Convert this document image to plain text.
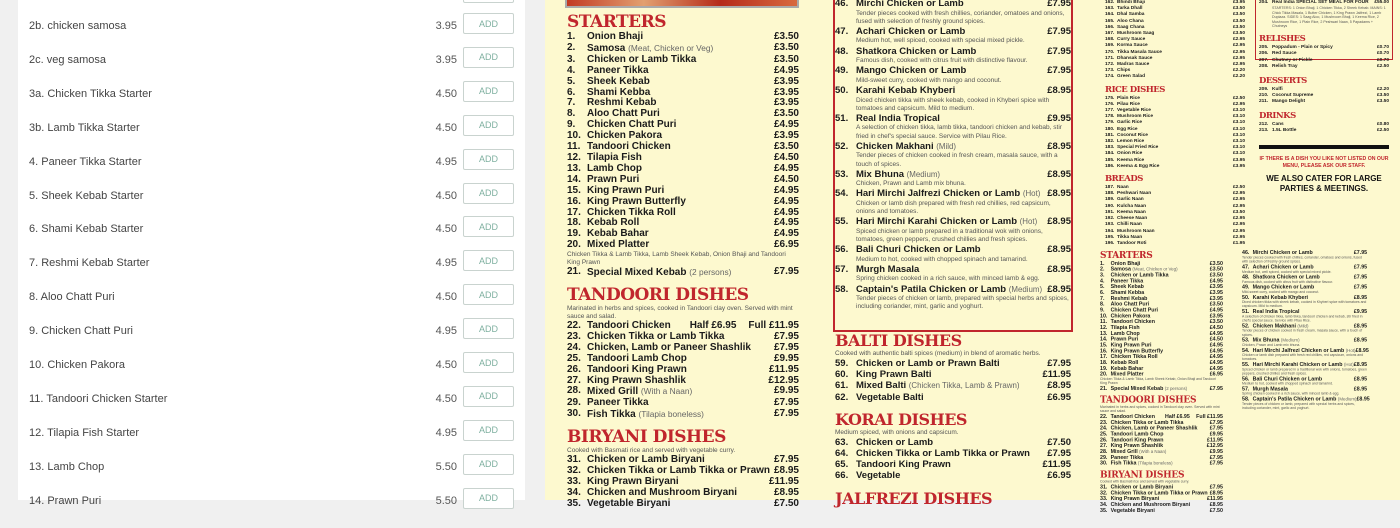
2b. chicken samosa	3.95	ADD
2c. veg samosa	3.95	ADD
3a. Chicken Tikka Starter	4.50	ADD
3b. Lamb Tikka Starter	4.50	ADD
4. Paneer Tikka Starter	4.95	ADD
5. Sheek Kebab Starter	4.50	ADD
6. Shami Kebab Starter	4.50	ADD
7. Reshmi Kebab Starter	4.95	ADD
8. Aloo Chatt Puri	4.50	ADD
9. Chicken Chatt Puri	4.95	ADD
10. Chicken Pakora	4.50	ADD
11. Tandoori Chicken Starter	4.50	ADD
12. Tilapia Fish Starter	4.95	ADD
13. Lamb Chop	5.50	ADD
14. Prawn Puri	5.50	ADD
STARTERS
1.	Onion Bhaji	£3.50
2.	Samosa (Meat, Chicken or Veg)	£3.50
3.	Chicken or Lamb Tikka	£3.50
4.	Paneer Tikka	£4.95
5.	Sheek Kebab	£3.95
6.	Shami Kebba	£3.95
7.	Reshmi Kebab	£3.95
8.	Aloo Chatt Puri	£3.50
9.	Chicken Chatt Puri	£4.95
10. Chicken Pakora	£3.95
11. Tandoori Chicken	£3.50
12. Tilapia Fish	£4.50
13. Lamb Chop	£4.95
14. Prawn Puri	£4.50
15. King Prawn Puri	£4.95
16. King Prawn Butterfly	£4.95
17. Chicken Tikka Roll	£4.95
18. Kebab Roll	£4.95
19. Kebab Bahar	£4.95
20. Mixed Platter	£6.95
Chicken Tikka & Lamb Tikka, Lamb Sheek Kebab, Onion Bhaji and Tandoori King Prawn
21. Special Mixed Kebab (2 persons)	£7.95
TANDOORI DISHES
Marinated in herbs and spices, cooked in Tandoori clay oven. Served with mint sauce and salad.
22. Tandoori Chicken	Half £6.95 Full £11.95
23. Chicken Tikka or Lamb Tikka	£7.95
24. Chicken, Lamb or Paneer Shashlik	£7.95
25. Tandoori Lamb Chop	£9.95
26. Tandoori King Prawn	£11.95
27. King Prawn Shashlik	£12.95
28. Mixed Grill (With a Naan)	£9.95
29. Paneer Tikka	£7.95
30. Fish Tikka (Tilapia boneless)	£7.95
BIRYANI DISHES
Cooked with Basmati rice and served with vegetable curry.
31. Chicken or Lamb Biryani	£7.95
32. Chicken Tikka or Lamb Tikka or Prawn £8.95
33. King Prawn Biryani	£11.95
34. Chicken and Mushroom Biryani	£8.95
35. Vegetable Biryani	£7.50
46. Mirchi Chicken or Lamb	£7.95
Tender pieces cooked with fresh chillies, coriander, omatoes and onions, fused with selection of freshly ground spices.
47. Achari Chicken or Lamb	£7.95
Medium hot, well spiced, cooked with special mixed pickle.
48. Shatkora Chicken or Lamb	£7.95
Famous dish, cooked with citrus fruit with distinctive flavour.
49. Mango Chicken or Lamb	£7.95
Mild-sweet curry, cooked with mango and coconut.
50. Karahi Kebab Khyberi	£8.95
Diced chicken tikka with sheek kebab, cooked in Khyberi spice with tomatoes and capsicum. Mild to medium.
51. Real India Tropical	£9.95
A selection of chicken tikka, lamb tikka, tandoori chicken and kebab, stir fried in chef's special sauce. Service with Pilau Rice.
52. Chicken Makhani (Mild)	£8.95
Tender pieces of chicken cooked in fresh cream, masala sauce, with a touch of spices.
53. Mix Bhuna (Medium)	£8.95
Chicken, Prawn and Lamb mix bhuna.
54. Hari Mirchi Jalfrezi Chicken or Lamb (Hot) £8.95
Chicken or lamb dish prepared with fresh red chillies, red capsicum, onions and tomatoes.
55. Hari Mirchi Karahi Chicken or Lamb (Hot)	£8.95
Spiced chicken or lamb prepared in a traditional wok with onions, tomatoes, green peppers, crushed chillies and fresh spices.
56. Bali Churi Chicken or Lamb	£8.95
Medium to hot, cooked with chopped spinach and tamarind.
57. Murgh Masala	£8.95
Spring chicken cooked in a rich sauce, with minced lamb & egg.
58. Captain's Patila Chicken or Lamb (Medium) £8.95
Tender pieces of chicken or lamb, prepared with special herbs and spices, including coriander, mint, garlic and yoghurt.
BALTI DISHES
Cooked with authentic balti spices (medium) in blend of aromatic herbs.
59. Chicken or Lamb or Prawn Balti	£7.95
60. King Prawn Balti	£11.95
61. Mixed Balti (Chicken Tikka, Lamb & Prawn)	£8.95
62. Vegetable Balti	£6.95
KORAI DISHES
Medium spiced, with onions and capsicum.
63. Chicken or Lamb	£7.50
64. Chicken Tikka or Lamb Tikka or Prawn	£7.95
65. Tandoori King Prawn	£11.95
66. Vegetable	£6.95
JALFREZI DISHES
162. Bhindi Bhaji	£3.95
163. Tarka Dhall	£3.50
164. Dhal Samba	£3.50
165. Aloo Chana	£3.50
166. Saag Chana	£3.50
167. Mushroom Saag	£3.50
168. Curry Sauce	£2.95
169. Korma Sauce	£2.95
170. Tikka Masala Sauce	£2.95
171. Dhansak Sauce	£2.95
172. Madras Sauce	£2.95
173. Chips	£2.20
174. Green Salad	£2.20
RICE DISHES
175. Plain Rice	£2.50
176. Pilau Rice	£2.95
177. Vegetable Rice	£3.10
178. Mushroom Rice	£3.10
179. Garlic Rice	£3.10
180. Egg Rice	£3.10
181. Coconut Rice	£3.10
182. Lemon Rice	£3.10
183. Special Fried Rice	£3.10
184. Onion Rice	£3.10
185. Keema Rice	£3.95
186. Keema & Egg Rice	£3.95
BREADS
187. Naan	£2.50
188. Peshwari Naan	£2.95
189. Garlic Naan	£2.95
190. Kulcha Naan	£2.95
191. Keema Naan	£3.50
192. Cheese Naan	£2.95
193. Chilli Naan	£2.95
194. Mushroom Naan	£2.95
195. Tikka Naan	£2.95
196. Tandoor Roti	£1.95
204. Real India SPECIAL SET MEAL FOR FOUR	£55.00
STARTERS: 1 Onion Bhaji, 1 Chicken Tikka, 2 Sheek Kebab. MAINS: 1 Chick Tikka Masala, 1 Butter Chicken, 1 King Prawn Jalfrezi, 1 Lamb Dupiaza. SIDES: 1 Saag Aloo, 1 Mushroom Bhaji, 1 Keema Rice, 2 Mushroom Rice, 1 Plain Rice, 2 Peshwari Naan, 5 Papadams + Chutneys
RELISHES
205. Poppadum - Plain or Spicy	£0.70
206. Red Sauce	£0.70
207. Chutney or Pickle	£0.70
208. Relish Tray	£2.50
DESSERTS
209. Kulfi	£2.20
210. Coconut Supreme	£3.50
211. Mango Delight	£3.50
DRINKS
212. Cans	£0.80
213. 1.5L Bottle	£2.50
IF THERE IS A DISH YOU LIKE NOT LISTED ON OUR MENU, PLEASE ASK OUR STAFF.
WE ALSO CATER FOR LARGE PARTIES & MEETINGS.
STARTERS
1. Onion Bhaji	£3.50
2. Samosa (Meat, Chicken or Veg)	£3.50
3. Chicken or Lamb Tikka	£3.50
4. Paneer Tikka	£4.95
5. Sheek Kebab	£3.95
6. Shami Kebba	£3.95
7. Reshmi Kebab	£3.95
8. Aloo Chatt Puri	£3.50
9. Chicken Chatt Puri	£4.95
10. Chicken Pakora	£3.95
11. Tandoori Chicken	£3.50
12. Tilapia Fish	£4.50
13. Lamb Chop	£4.95
14. Prawn Puri	£4.50
15. King Prawn Puri	£4.95
16. King Prawn Butterfly	£4.95
17. Chicken Tikka Roll	£4.95
18. Kebab Roll	£4.95
19. Kebab Bahar	£4.95
20. Mixed Platter	£6.95
Chicken Tikka & Lamb Tikka, Lamb Sheek Kebab, Onion Bhaji and Tandoori King Prawn
21. Special Mixed Kebab (2 persons)	£7.95
TANDOORI DISHES
Marinated in herbs and spices, cooked in Tandoori clay oven. Served with mint sauce and salad.
22. Tandoori Chicken	Half £6.95 Full £11.95
23. Chicken Tikka or Lamb Tikka	£7.95
24. Chicken, Lamb or Paneer Shashlik	£7.95
25. Tandoori Lamb Chop	£9.95
26. Tandoori King Prawn	£11.95
27. King Prawn Shashlik	£12.95
28. Mixed Grill (With a Naan)	£9.95
29. Paneer Tikka	£7.95
30. Fish Tikka (Tilapia boneless)	£7.95
BIRYANI DISHES
Cooked with Basmati rice and served with vegetable curry.
31. Chicken or Lamb Biryani	£7.95
32. Chicken Tikka or Lamb Tikka or Prawn £8.95
33. King Prawn Biryani	£11.95
34. Chicken and Mushroom Biryani	£8.95
35. Vegetable Biryani	£7.50
46. Mirchi Chicken or Lamb	£7.95
Tender pieces cooked with fresh chillies, coriander, omatoes and onions, fused with selection of freshly ground spices.
47. Achari Chicken or Lamb	£7.95
Medium hot, well spiced, cooked with special mixed pickle.
48. Shatkora Chicken or Lamb	£7.95
Famous dish, cooked with citrus fruit with distinctive flavour.
49. Mango Chicken or Lamb	£7.95
Mild-sweet curry, cooked with mango and coconut.
50. Karahi Kebab Khyberi	£8.95
Diced chicken tikka with sheek kebab, cooked in Khyberi spice with tomatoes and capsicum. Mild to medium.
51. Real India Tropical	£9.95
A selection of chicken tikka, lamb tikka, tandoori chicken and kebab, stir fried in chef's special sauce. Service with Pilau Rice.
52. Chicken Makhani (Mild)	£8.95
Tender pieces of chicken cooked in fresh cream, masala sauce, with a touch of spices.
53. Mix Bhuna (Medium)	£8.95
Chicken, Prawn and Lamb mix bhuna.
54. Hari Mirchi Jalfrezi Chicken or Lamb (Hot) £8.95
Chicken or lamb dish prepared with fresh red chillies, red capsicum, onions and tomatoes.
55. Hari Mirchi Karahi Chicken or Lamb (Hot) £8.95
Spiced chicken or lamb prepared in a traditional wok with onions, tomatoes, green peppers, crushed chillies and fresh spices.
56. Bali Churi Chicken or Lamb	£8.95
Medium to hot, cooked with chopped spinach and tamarind.
57. Murgh Masala	£8.95
Spring chicken cooked in a rich sauce, with minced lamb & egg.
58. Captain's Patila Chicken or Lamb (Medium) £8.95
Tender pieces of chicken or lamb, prepared with special herbs and spices, including coriander, mint, garlic and yoghurt.
